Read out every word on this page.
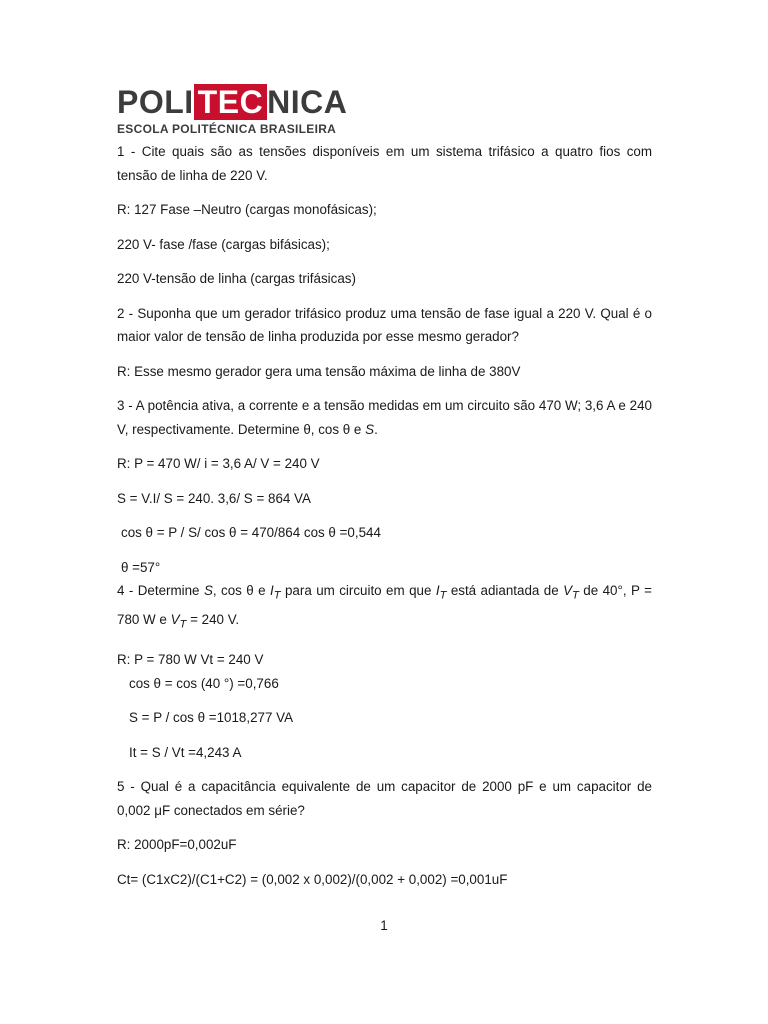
POLI TEC NICA
ESCOLA POLITÉCNICA BRASILEIRA

1 - Cite quais são as tensões disponíveis em um sistema trifásico a quatro fios com tensão de linha de 220 V.

R: 127 Fase –Neutro (cargas monofásicas);

220 V- fase /fase (cargas bifásicas);

220 V-tensão de linha (cargas trifásicas)

2 - Suponha que um gerador trifásico produz uma tensão de fase igual a 220 V. Qual é o maior valor de tensão de linha produzida por esse mesmo gerador?

R: Esse mesmo gerador gera uma tensão máxima de linha de 380V

3 - A potência ativa, a corrente e a tensão medidas em um circuito são 470 W; 3,6 A e 240 V, respectivamente. Determine θ, cos θ e S.

R: P = 470 W/ i = 3,6 A/ V = 240 V

S = V.I/ S = 240. 3,6/ S = 864 VA

cos θ = P / S/ cos θ = 470/864 cos θ =0,544

θ =57°

4 - Determine S, cos θ e $I_T$ para um circuito em que $I_T$ está adiantada de $V_T$ de 40°, P = 780 W e $V_T = 240$ V.

R: P = 780 W Vt = 240 V

cos θ = cos (40 °) =0,766

S = P / cos θ =1018,277 VA

It = S / Vt =4,243 A

5 - Qual é a capacitância equivalente de um capacitor de 2000 pF e um capacitor de 0,002 μF conectados em série?

R: 2000pF=0,002uF

Ct= (C1xC2)/(C1+C2) = (0,002 x 0,002)/(0,002 + 0,002) =0,001uF

1
